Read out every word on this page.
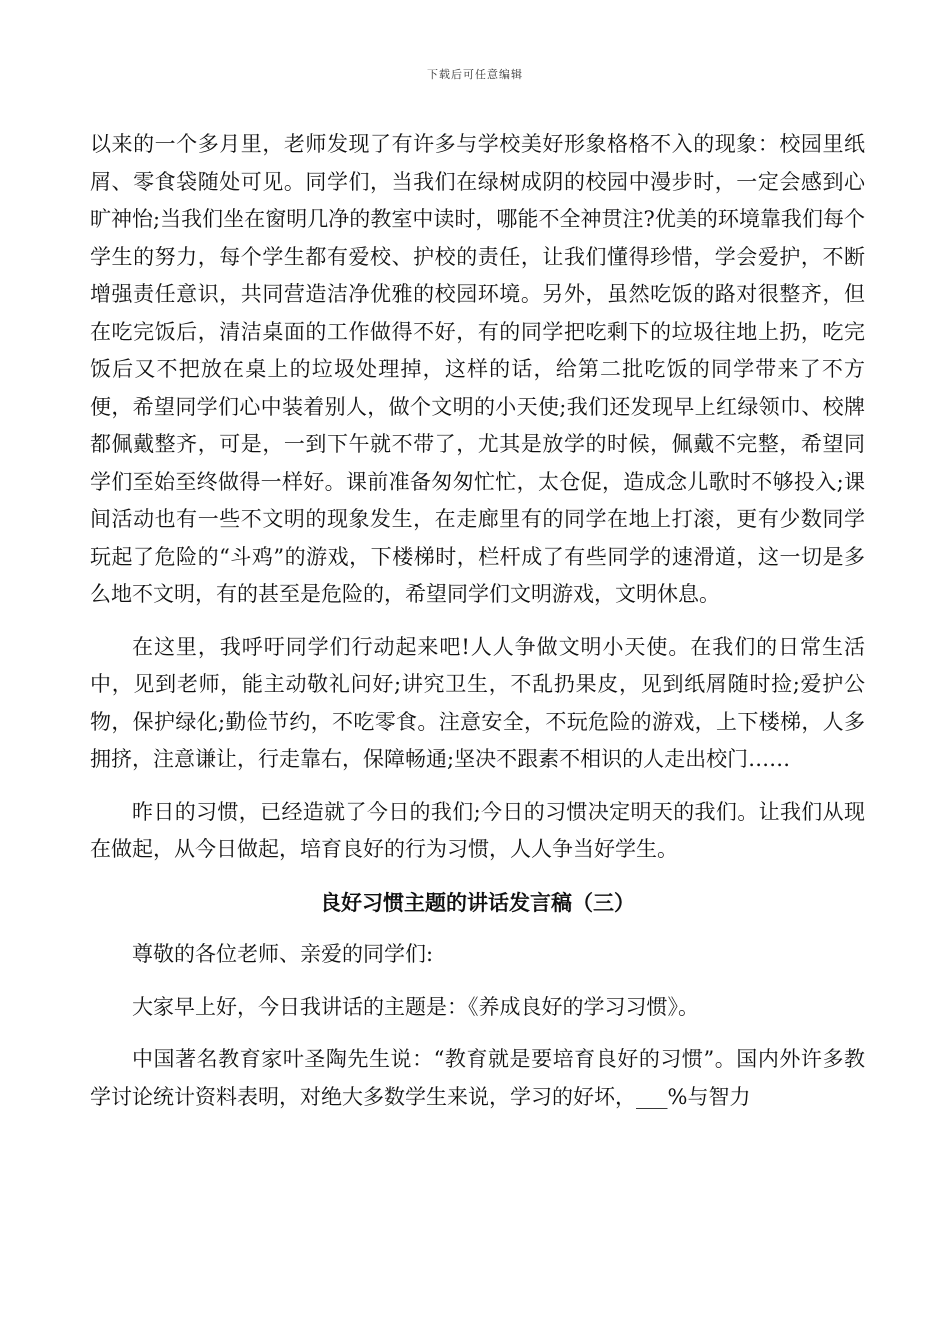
下载后可任意编辑

以来的一个多月里，老师发现了有许多与学校美好形象格格不入的现象：校园里纸屑、零食袋随处可见。同学们，当我们在绿树成阴的校园中漫步时，一定会感到心旷神怡;当我们坐在窗明几净的教室中读时，哪能不全神贯注?优美的环境靠我们每个学生的努力，每个学生都有爱校、护校的责任，让我们懂得珍惜，学会爱护，不断增强责任意识，共同营造洁净优雅的校园环境。另外，虽然吃饭的路对很整齐，但在吃完饭后，清洁桌面的工作做得不好，有的同学把吃剩下的垃圾往地上扔，吃完饭后又不把放在桌上的垃圾处理掉，这样的话，给第二批吃饭的同学带来了不方便，希望同学们心中装着别人，做个文明的小天使;我们还发现早上红绿领巾、校牌都佩戴整齐，可是，一到下午就不带了，尤其是放学的时候，佩戴不完整，希望同学们至始至终做得一样好。课前准备匆匆忙忙，太仓促，造成念儿歌时不够投入;课间活动也有一些不文明的现象发生，在走廊里有的同学在地上打滚，更有少数同学玩起了危险的“斗鸡”的游戏，下楼梯时，栏杆成了有些同学的速滑道，这一切是多么地不文明，有的甚至是危险的，希望同学们文明游戏，文明休息。

在这里，我呼吁同学们行动起来吧!人人争做文明小天使。在我们的日常生活中，见到老师，能主动敬礼问好;讲究卫生，不乱扔果皮，见到纸屑随时捡;爱护公物，保护绿化;勤俭节约，不吃零食。注意安全，不玩危险的游戏，上下楼梯，人多拥挤，注意谦让，行走靠右，保障畅通;坚决不跟素不相识的人走出校门……

昨日的习惯，已经造就了今日的我们;今日的习惯决定明天的我们。让我们从现在做起，从今日做起，培育良好的行为习惯，人人争当好学生。

良好习惯主题的讲话发言稿（三）

尊敬的各位老师、亲爱的同学们:

大家早上好，今日我讲话的主题是：《养成良好的学习习惯》。

中国著名教育家叶圣陶先生说：“教育就是要培育良好的习惯”。国内外许多教学讨论统计资料表明，对绝大多数学生来说，学习的好坏，___%与智力
